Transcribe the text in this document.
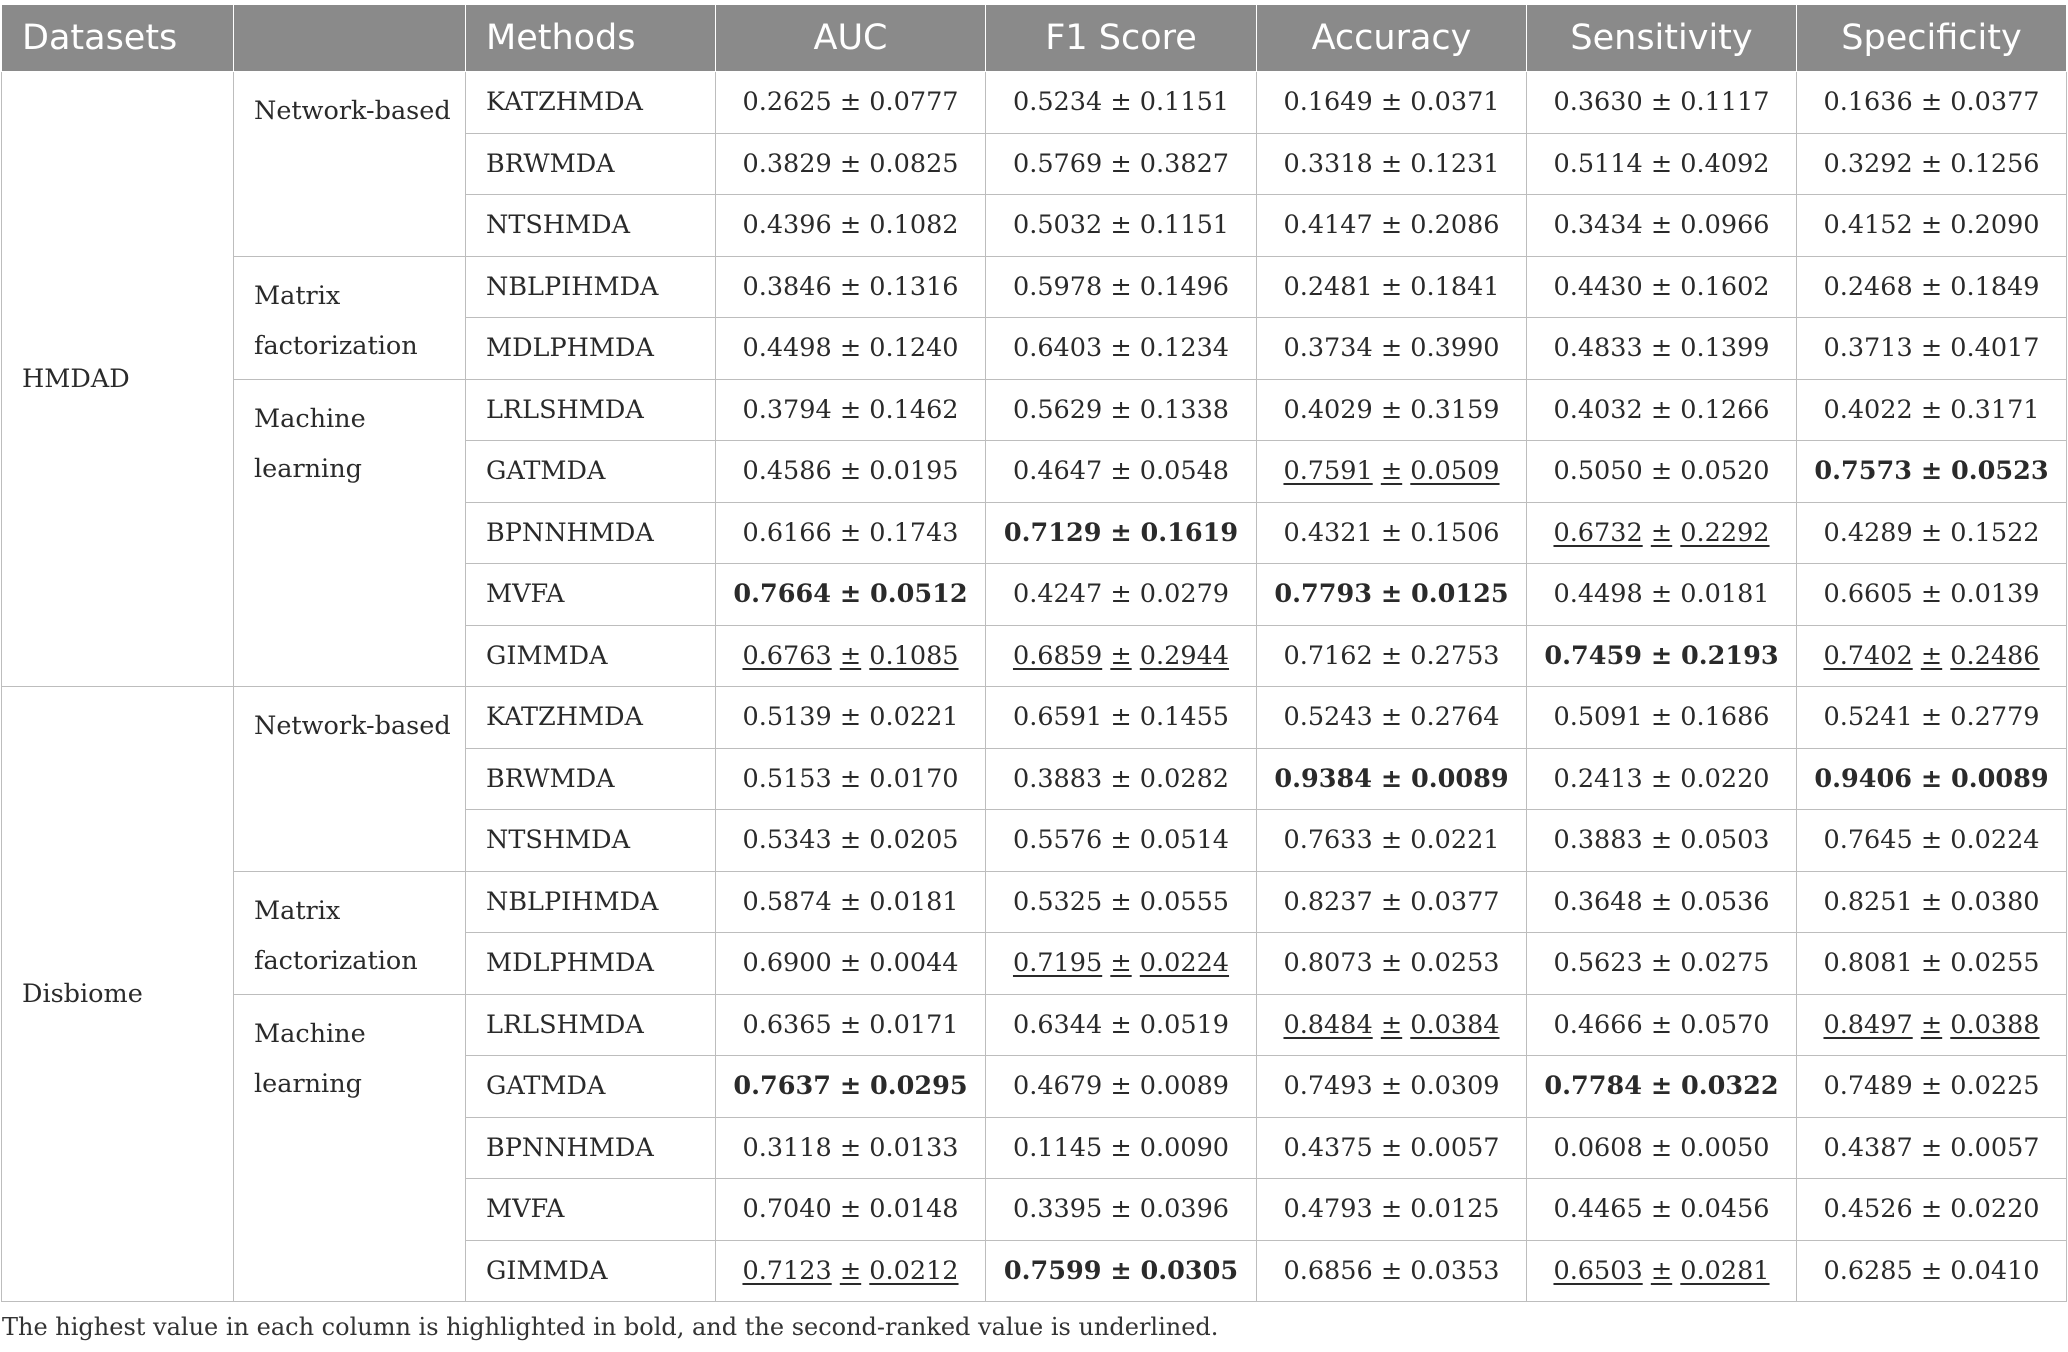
Datasets		Methods	AUC	F1 Score	Accuracy	Sensitivity	Specificity
HMDAD	Network-based	KATZHMDA	0.2625 ± 0.0777	0.5234 ± 0.1151	0.1649 ± 0.0371	0.3630 ± 0.1117	0.1636 ± 0.0377
		BRWMDA	0.3829 ± 0.0825	0.5769 ± 0.3827	0.3318 ± 0.1231	0.5114 ± 0.4092	0.3292 ± 0.1256
		NTSHMDA	0.4396 ± 0.1082	0.5032 ± 0.1151	0.4147 ± 0.2086	0.3434 ± 0.0966	0.4152 ± 0.2090
	Matrix factorization	NBLPIHMDA	0.3846 ± 0.1316	0.5978 ± 0.1496	0.2481 ± 0.1841	0.4430 ± 0.1602	0.2468 ± 0.1849
		MDLPHMDA	0.4498 ± 0.1240	0.6403 ± 0.1234	0.3734 ± 0.3990	0.4833 ± 0.1399	0.3713 ± 0.4017
	Machine learning	LRLSHMDA	0.3794 ± 0.1462	0.5629 ± 0.1338	0.4029 ± 0.3159	0.4032 ± 0.1266	0.4022 ± 0.3171
		GATMDA	0.4586 ± 0.0195	0.4647 ± 0.0548	0.7591 ± 0.0509	0.5050 ± 0.0520	0.7573 ± 0.0523
		BPNNHMDA	0.6166 ± 0.1743	0.7129 ± 0.1619	0.4321 ± 0.1506	0.6732 ± 0.2292	0.4289 ± 0.1522
		MVFA	0.7664 ± 0.0512	0.4247 ± 0.0279	0.7793 ± 0.0125	0.4498 ± 0.0181	0.6605 ± 0.0139
		GIMMDA	0.6763 ± 0.1085	0.6859 ± 0.2944	0.7162 ± 0.2753	0.7459 ± 0.2193	0.7402 ± 0.2486
Disbiome	Network-based	KATZHMDA	0.5139 ± 0.0221	0.6591 ± 0.1455	0.5243 ± 0.2764	0.5091 ± 0.1686	0.5241 ± 0.2779
		BRWMDA	0.5153 ± 0.0170	0.3883 ± 0.0282	0.9384 ± 0.0089	0.2413 ± 0.0220	0.9406 ± 0.0089
		NTSHMDA	0.5343 ± 0.0205	0.5576 ± 0.0514	0.7633 ± 0.0221	0.3883 ± 0.0503	0.7645 ± 0.0224
	Matrix factorization	NBLPIHMDA	0.5874 ± 0.0181	0.5325 ± 0.0555	0.8237 ± 0.0377	0.3648 ± 0.0536	0.8251 ± 0.0380
		MDLPHMDA	0.6900 ± 0.0044	0.7195 ± 0.0224	0.8073 ± 0.0253	0.5623 ± 0.0275	0.8081 ± 0.0255
	Machine learning	LRLSHMDA	0.6365 ± 0.0171	0.6344 ± 0.0519	0.8484 ± 0.0384	0.4666 ± 0.0570	0.8497 ± 0.0388
		GATMDA	0.7637 ± 0.0295	0.4679 ± 0.0089	0.7493 ± 0.0309	0.7784 ± 0.0322	0.7489 ± 0.0225
		BPNNHMDA	0.3118 ± 0.0133	0.1145 ± 0.0090	0.4375 ± 0.0057	0.0608 ± 0.0050	0.4387 ± 0.0057
		MVFA	0.7040 ± 0.0148	0.3395 ± 0.0396	0.4793 ± 0.0125	0.4465 ± 0.0456	0.4526 ± 0.0220
		GIMMDA	0.7123 ± 0.0212	0.7599 ± 0.0305	0.6856 ± 0.0353	0.6503 ± 0.0281	0.6285 ± 0.0410
The highest value in each column is highlighted in bold, and the second-ranked value is underlined.
